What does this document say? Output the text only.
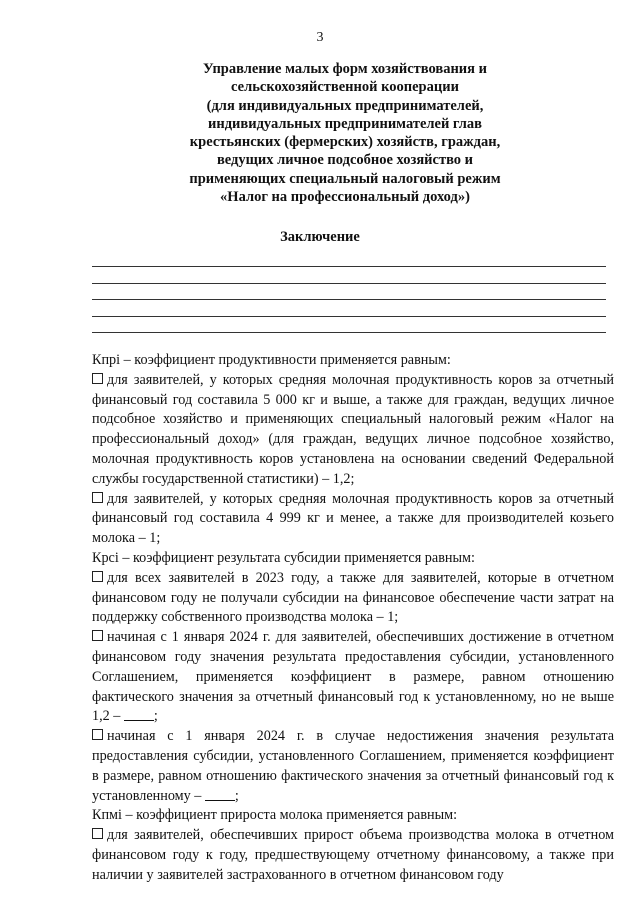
3
Управление малых форм хозяйствования и
сельскохозяйственной кооперации
(для индивидуальных предпринимателей,
индивидуальных предпринимателей глав
крестьянских (фермерских) хозяйств, граждан,
ведущих личное подсобное хозяйство и
применяющих специальный налоговый режим
«Налог на профессиональный доход»)
Заключение
Кпрi – коэффициент продуктивности применяется равным:
для заявителей, у которых средняя молочная продуктивность коров за отчетный финансовый год составила 5 000 кг и выше, а также для граждан, ведущих личное подсобное хозяйство и применяющих специальный налоговый режим «Налог на профессиональный доход» (для граждан, ведущих личное подсобное хозяйство, молочная продуктивность коров установлена на основании сведений Федеральной службы государственной статистики) – 1,2;
для заявителей, у которых средняя молочная продуктивность коров за отчетный финансовый год составила 4 999 кг и менее, а также для производителей козьего молока – 1;
Крсi – коэффициент результата субсидии применяется равным:
для всех заявителей в 2023 году, а также для заявителей, которые в отчетном финансовом году не получали субсидии на финансовое обеспечение части затрат на поддержку собственного производства молока – 1;
начиная с 1 января 2024 г. для заявителей, обеспечивших достижение в отчетном финансовом году значения результата предоставления субсидии, установленного Соглашением, применяется коэффициент в размере, равном отношению фактического значения за отчетный финансовый год к установленному, но не выше 1,2 – ;
начиная с 1 января 2024 г. в случае недостижения значения результата предоставления субсидии, установленного Соглашением, применяется коэффициент в размере, равном отношению фактического значения за отчетный финансовый год к установленному – ;
Кпмi – коэффициент прироста молока применяется равным:
для заявителей, обеспечивших прирост объема производства молока в отчетном финансовом году к году, предшествующему отчетному финансовому, а также при наличии у заявителей застрахованного в отчетном финансовом году
